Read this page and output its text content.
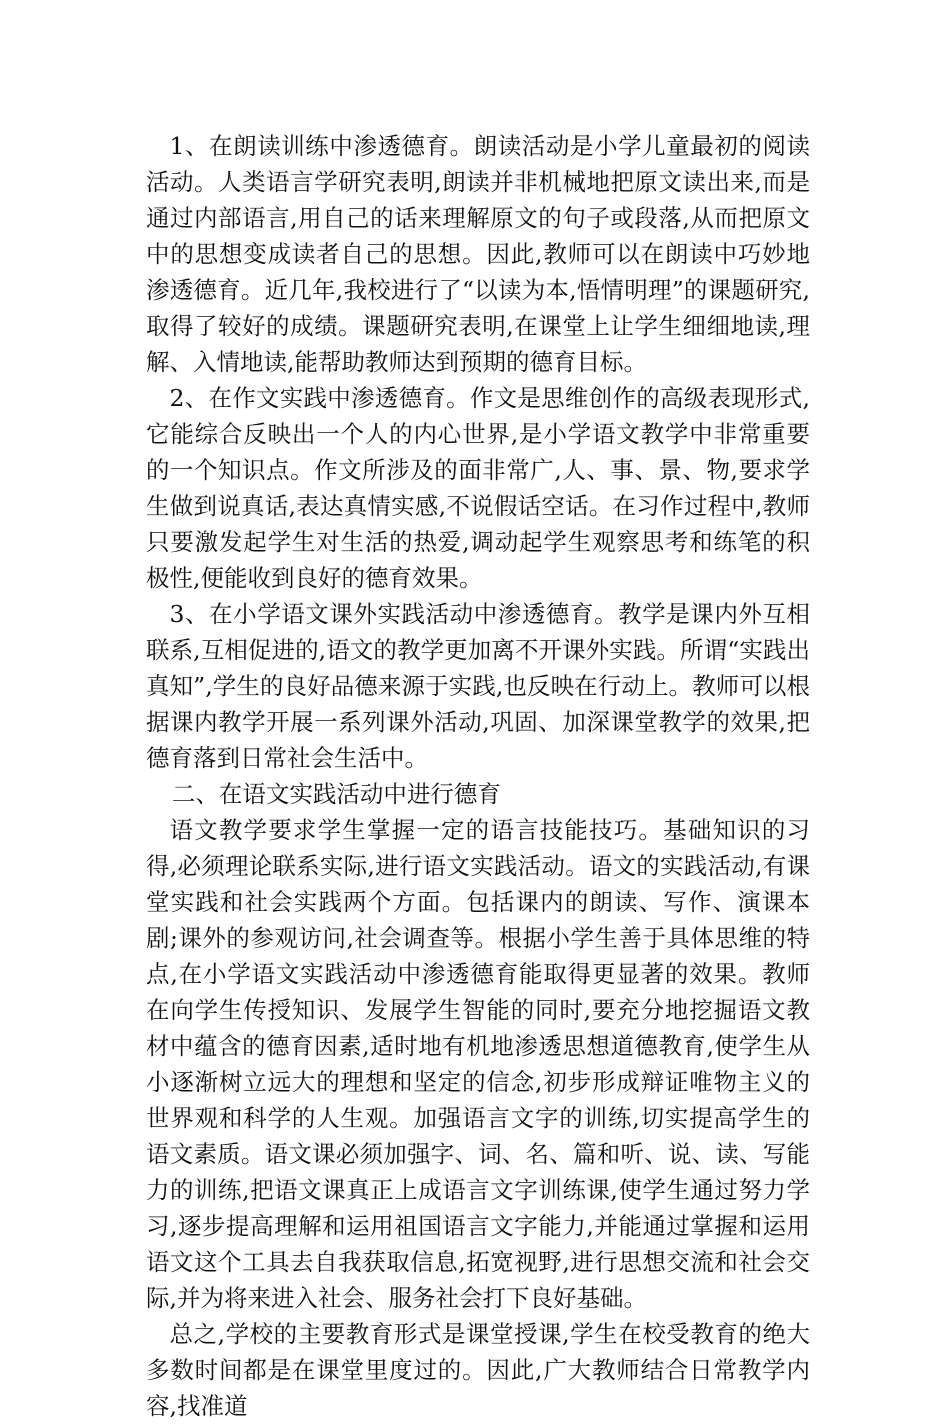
1、在朗读训练中渗透德育。朗读活动是小学儿童最初的阅读活动。人类语言学研究表明,朗读并非机械地把原文读出来,而是通过内部语言,用自己的话来理解原文的句子或段落,从而把原文中的思想变成读者自己的思想。因此,教师可以在朗读中巧妙地渗透德育。近几年,我校进行了“以读为本,悟情明理”的课题研究,取得了较好的成绩。课题研究表明,在课堂上让学生细细地读,理解、入情地读,能帮助教师达到预期的德育目标。

2、在作文实践中渗透德育。作文是思维创作的高级表现形式,它能综合反映出一个人的内心世界,是小学语文教学中非常重要的一个知识点。作文所涉及的面非常广,人、事、景、物,要求学生做到说真话,表达真情实感,不说假话空话。在习作过程中,教师只要激发起学生对生活的热爱,调动起学生观察思考和练笔的积极性,便能收到良好的德育效果。

3、在小学语文课外实践活动中渗透德育。教学是课内外互相联系,互相促进的,语文的教学更加离不开课外实践。所谓“实践出真知”,学生的良好品德来源于实践,也反映在行动上。教师可以根据课内教学开展一系列课外活动,巩固、加深课堂教学的效果,把德育落到日常社会生活中。

二、在语文实践活动中进行德育

语文教学要求学生掌握一定的语言技能技巧。基础知识的习得,必须理论联系实际,进行语文实践活动。语文的实践活动,有课堂实践和社会实践两个方面。包括课内的朗读、写作、演课本剧;课外的参观访问,社会调查等。根据小学生善于具体思维的特点,在小学语文实践活动中渗透德育能取得更显著的效果。教师在向学生传授知识、发展学生智能的同时,要充分地挖掘语文教材中蕴含的德育因素,适时地有机地渗透思想道德教育,使学生从小逐渐树立远大的理想和坚定的信念,初步形成辩证唯物主义的世界观和科学的人生观。加强语言文字的训练,切实提高学生的语文素质。语文课必须加强字、词、名、篇和听、说、读、写能力的训练,把语文课真正上成语言文字训练课,使学生通过努力学习,逐步提高理解和运用祖国语言文字能力,并能通过掌握和运用语文这个工具去自我获取信息,拓宽视野,进行思想交流和社会交际,并为将来进入社会、服务社会打下良好基础。

总之,学校的主要教育形式是课堂授课,学生在校受教育的绝大多数时间都是在课堂里度过的。因此,广大教师结合日常教学内容,找准道
